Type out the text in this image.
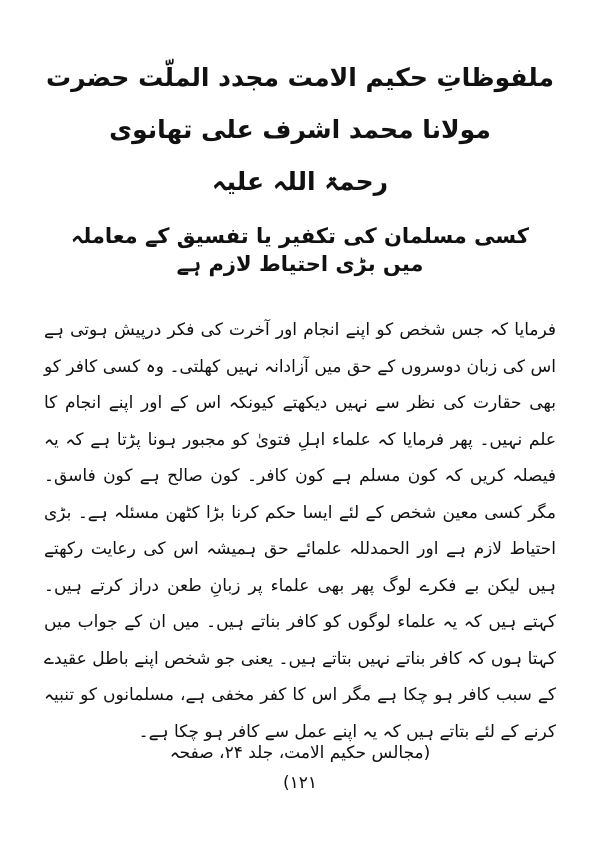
ملفوظاتِ حکیم الامت مجدد الملّت حضرت مولانا محمد اشرف علی تھانوی
رحمۃ اللہ علیہ
کسی مسلمان کی تکفیر یا تفسیق کے معاملہ میں بڑی احتیاط لازم ہے

فرمایا کہ جس شخص کو اپنے انجام اور آخرت کی فکر درپیش ہوتی ہے اس کی زبان دوسروں کے حق میں آزادانہ نہیں کھلتی۔ وہ کسی کافر کو بھی حقارت کی نظر سے نہیں دیکھتے کیونکہ اس کے اور اپنے انجام کا علم نہیں۔ پھر فرمایا کہ علماء اہلِ فتویٰ کو مجبور ہونا پڑتا ہے کہ یہ فیصلہ کریں کہ کون مسلم ہے کون کافر۔ کون صالح ہے کون فاسق۔ مگر کسی معین شخص کے لئے ایسا حکم کرنا بڑا کٹھن مسئلہ ہے۔ بڑی احتیاط لازم ہے اور الحمدللہ علمائے حق ہمیشہ اس کی رعایت رکھتے ہیں لیکن بے فکرے لوگ پھر بھی علماء پر زبانِ طعن دراز کرتے ہیں۔ کہتے ہیں کہ یہ علماء لوگوں کو کافر بناتے ہیں۔ میں ان کے جواب میں کہتا ہوں کہ کافر بناتے نہیں بتاتے ہیں۔ یعنی جو شخص اپنے باطل عقیدے کے سبب کافر ہو چکا ہے مگر اس کا کفر مخفی ہے، مسلمانوں کو تنبیہ کرنے کے لئے بتاتے ہیں کہ یہ اپنے عمل سے کافر ہو چکا ہے۔

(مجالس حکیم الامت، جلد ۲۴، صفحہ ۱۲۱)
